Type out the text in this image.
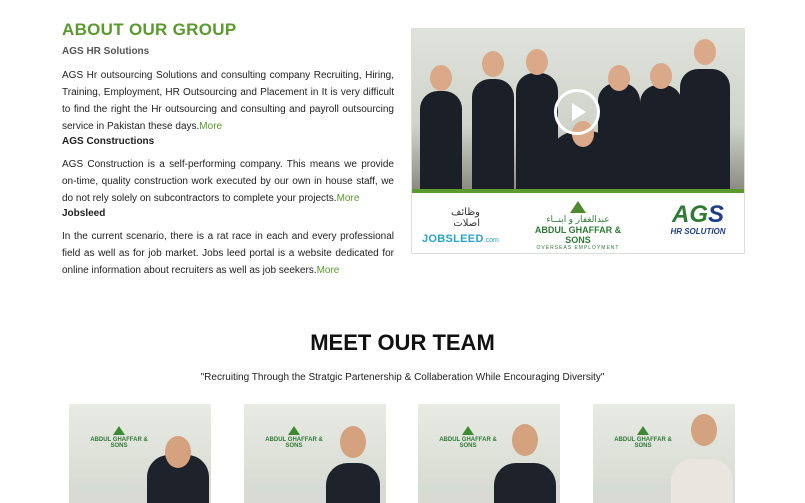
ABOUT OUR GROUP
AGS HR Solutions

AGS Hr outsourcing Solutions and consulting company Recruiting, Hiring, Training, Employment, HR Outsourcing and Placement in It is very difficult to find the right the Hr outsourcing and consulting and payroll outsourcing service in Pakistan these days.More

AGS Constructions

AGS Construction is a self-performing company. This means we provide on-time, quality construction work executed by our own in house staff, we do not rely solely on subcontractors to complete your projects.More

Jobsleed

In the current scenario, there is a rat race in each and every professional field as well as for job market. Jobs leed portal is a website dedicated for online information about recruiters as well as job seekers.More

وظائف اصلات
JOBSLEED.com
عبدالغفار و ابنــاء
ABDUL GHAFFAR & SONS
OVERSEAS EMPLOYMENT
AGS
HR SOLUTION
MEET OUR TEAM

"Recruiting Through the Stratgic Partenership & Collaberation While Encouraging Diversity"

ABDUL GHAFFAR & SONS
ABDUL GHAFFAR & SONS
ABDUL GHAFFAR & SONS
ABDUL GHAFFAR & SONS
